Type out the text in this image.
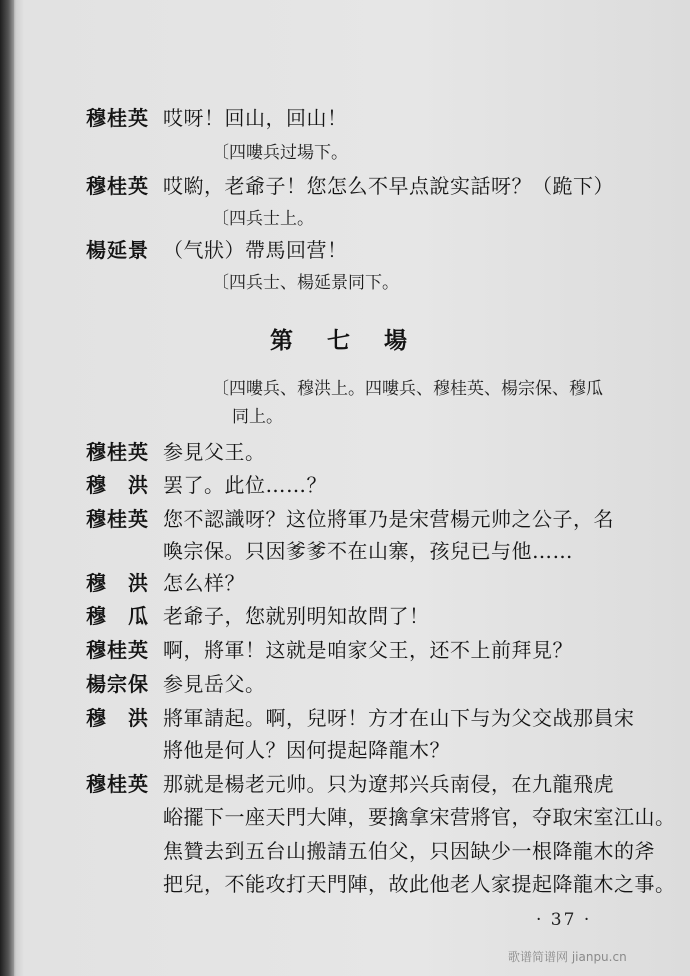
穆桂英 哎呀！回山，回山！
〔四嘍兵过場下。
穆桂英 哎喲，老爺子！您怎么不早点說实話呀？（跪下）
〔四兵士上。
楊延景 （气狀）帶馬回营！
〔四兵士、楊延景同下。
第七場
〔四嘍兵、穆洪上。四嘍兵、穆桂英、楊宗保、穆瓜
同上。
穆桂英 参見父王。
穆洪
罢了。此位……？
穆桂英 您不認識呀？这位將軍乃是宋营楊元帅之公子，名
喚宗保。只因爹爹不在山寨，孩兒已与他……
穆洪
怎么样？
穆瓜
老爺子，您就别明知故問了！
穆桂英 啊，將軍！这就是咱家父王，还不上前拜見？
楊宗保 参見岳父。
穆洪
將軍請起。啊，兒呀！方才在山下与为父交战那員宋
將他是何人？因何提起降龍木？
穆桂英 那就是楊老元帅。只为遼邦兴兵南侵，在九龍飛虎
峪擺下一座天門大陣，要擒拿宋营將官，夺取宋室江山。
焦贊去到五台山搬請五伯父，只因缺少一根降龍木的斧
把兒，不能攻打天門陣，故此他老人家提起降龍木之事。
· 37 ·
歌谱简谱网 jianpu.cn
